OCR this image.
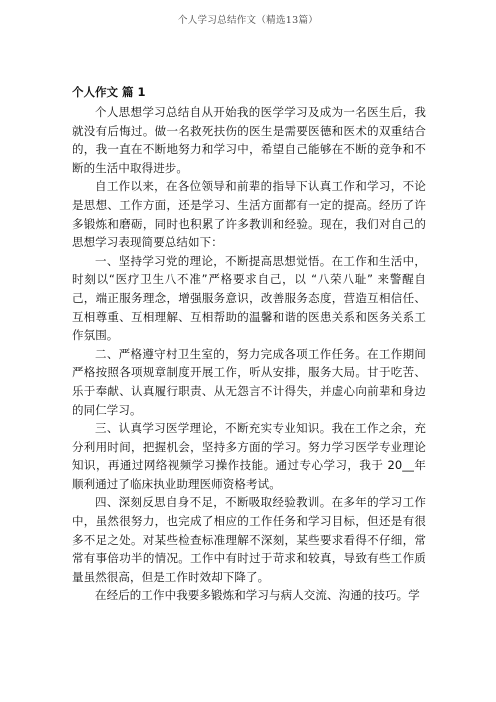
个人学习总结作文（精选13篇）
个人作文 篇 1

个人思想学习总结自从开始我的医学学习及成为一名医生后，我就没有后悔过。做一名救死扶伤的医生是需要医德和医术的双重结合的，我一直在不断地努力和学习中，希望自己能够在不断的竞争和不断的生活中取得进步。

自工作以来，在各位领导和前辈的指导下认真工作和学习，不论是思想、工作方面，还是学习、生活方面都有一定的提高。经历了许多锻炼和磨砺，同时也积累了许多教训和经验。现在，我们对自己的思想学习表现简要总结如下：

一、坚持学习党的理论，不断提高思想觉悟。在工作和生活中，时刻以“医疗卫生八不准”严格要求自己，以 “八荣八耻” 来警醒自己，端正服务理念，增强服务意识，改善服务态度，营造互相信任、互相尊重、互相理解、互相帮助的温馨和谐的医患关系和医务关系工作氛围。

二、严格遵守村卫生室的，努力完成各项工作任务。在工作期间严格按照各项规章制度开展工作，听从安排，服务大局。甘于吃苦、乐于奉献、认真履行职责、从无怨言不计得失，并虚心向前辈和身边的同仁学习。

三、认真学习医学理论，不断充实专业知识。我在工作之余，充分利用时间，把握机会，坚持多方面的学习。努力学习医学专业理论知识，再通过网络视频学习操作技能。通过专心学习，我于 20__年顺利通过了临床执业助理医师资格考试。

四、深刻反思自身不足，不断吸取经验教训。在多年的学习工作中，虽然很努力，也完成了相应的工作任务和学习目标，但还是有很多不足之处。对某些检查标准理解不深刻，某些要求看得不仔细，常常有事倍功半的情况。工作中有时过于苛求和较真，导致有些工作质量虽然很高，但是工作时效却下降了。

在经后的工作中我要多锻炼和学习与病人交流、沟通的技巧。学
